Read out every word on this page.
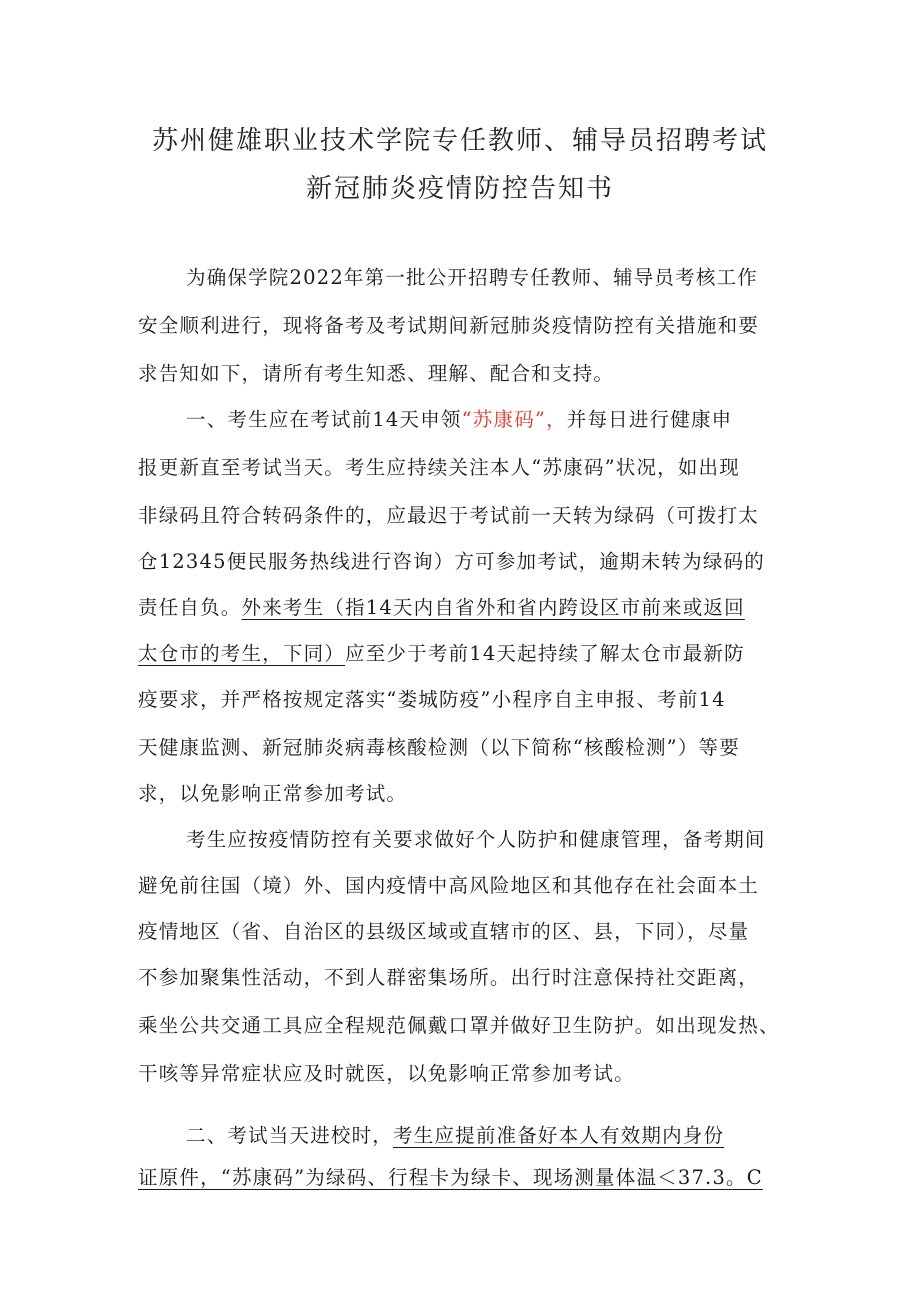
苏州健雄职业技术学院专任教师、辅导员招聘考试
新冠肺炎疫情防控告知书
为确保学院2022年第一批公开招聘专任教师、辅导员考核工作
安全顺利进行，现将备考及考试期间新冠肺炎疫情防控有关措施和要
求告知如下，请所有考生知悉、理解、配合和支持。
一、考生应在考试前14天申领“苏康码”，并每日进行健康申
报更新直至考试当天。考生应持续关注本人“苏康码”状况，如出现
非绿码且符合转码条件的，应最迟于考试前一天转为绿码（可拨打太
仓12345便民服务热线进行咨询）方可参加考试，逾期未转为绿码的
责任自负。外来考生（指14天内自省外和省内跨设区市前来或返回
太仓市的考生，下同）应至少于考前14天起持续了解太仓市最新防
疫要求，并严格按规定落实“娄城防疫”小程序自主申报、考前14
天健康监测、新冠肺炎病毒核酸检测（以下简称“核酸检测”）等要
求，以免影响正常参加考试。
考生应按疫情防控有关要求做好个人防护和健康管理，备考期间
避免前往国（境）外、国内疫情中高风险地区和其他存在社会面本土
疫情地区（省、自治区的县级区域或直辖市的区、县，下同），尽量
不参加聚集性活动，不到人群密集场所。出行时注意保持社交距离，
乘坐公共交通工具应全程规范佩戴口罩并做好卫生防护。如出现发热、
干咳等异常症状应及时就医，以免影响正常参加考试。
二、考试当天进校时，考生应提前准备好本人有效期内身份
证原件，“苏康码”为绿码、行程卡为绿卡、现场测量体温＜37.3。C
